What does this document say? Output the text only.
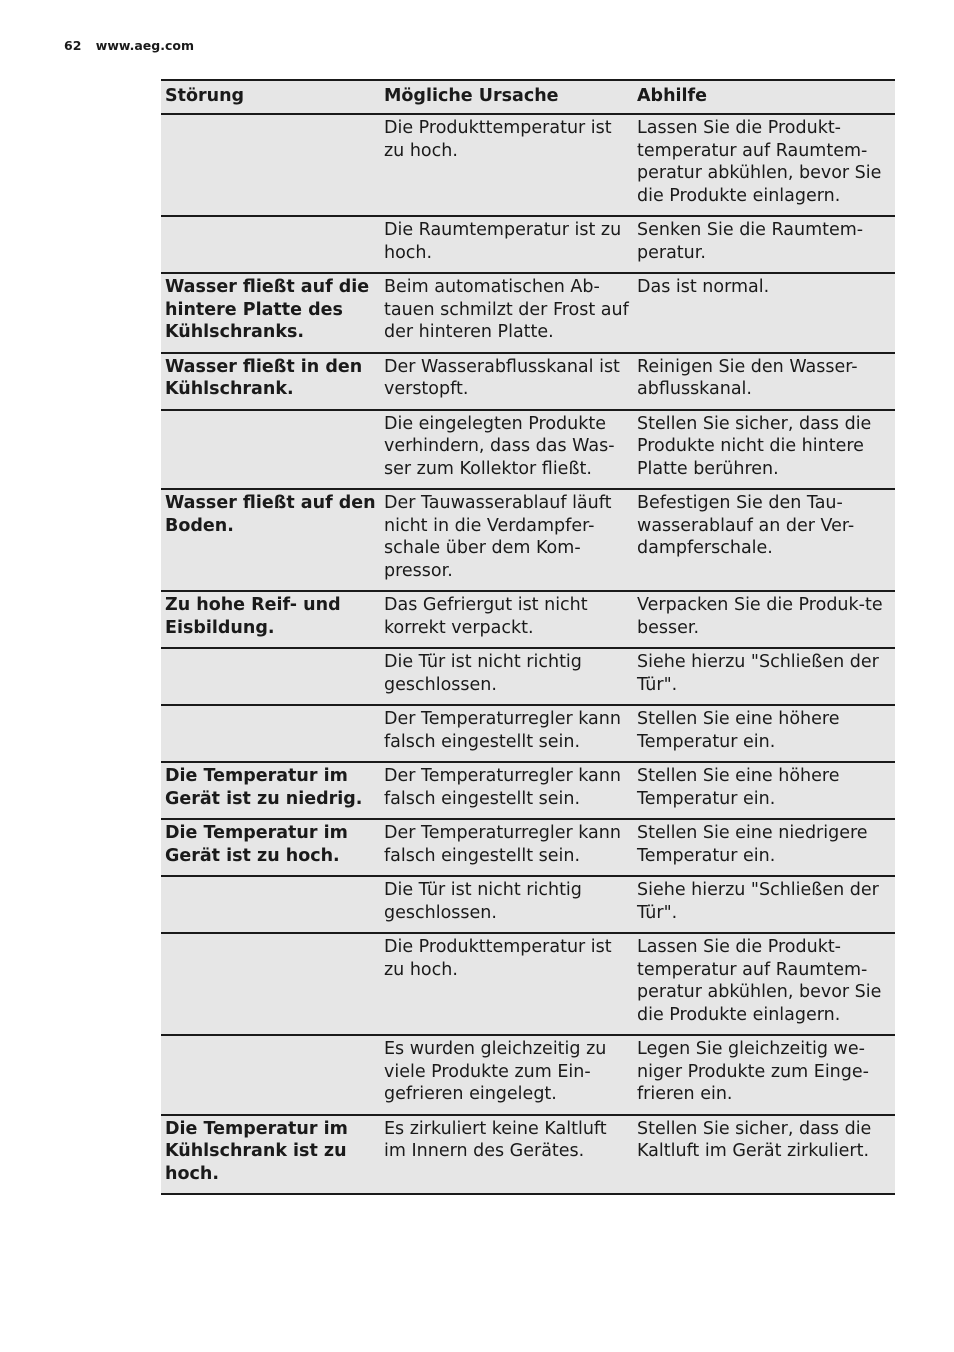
62 www.aeg.com
Störung	Mögliche Ursache	Abhilfe
	Die Produkttemperatur ist zu hoch.	Lassen Sie die Produkt-temperatur auf Raumtem-peratur abkühlen, bevor Sie die Produkte einlagern.
	Die Raumtemperatur ist zu hoch.	Senken Sie die Raumtem-peratur.
Wasser fließt auf die hintere Platte des Kühlschranks.	Beim automatischen Ab-tauen schmilzt der Frost auf der hinteren Platte.	Das ist normal.
Wasser fließt in den Kühlschrank.	Der Wasserabflusskanal ist verstopft.	Reinigen Sie den Wasser-abflusskanal.
	Die eingelegten Produkte verhindern, dass das Was-ser zum Kollektor fließt.	Stellen Sie sicher, dass die Produkte nicht die hintere Platte berühren.
Wasser fließt auf den Boden.	Der Tauwasserablauf läuft nicht in die Verdampfer-schale über dem Kom-pressor.	Befestigen Sie den Tau-wasserablauf an der Ver-dampferschale.
Zu hohe Reif- und Eisbildung.	Das Gefriergut ist nicht korrekt verpackt.	Verpacken Sie die Produk-te besser.
	Die Tür ist nicht richtig geschlossen.	Siehe hierzu "Schließen der Tür".
	Der Temperaturregler kann falsch eingestellt sein.	Stellen Sie eine höhere Temperatur ein.
Die Temperatur im Gerät ist zu niedrig.	Der Temperaturregler kann falsch eingestellt sein.	Stellen Sie eine höhere Temperatur ein.
Die Temperatur im Gerät ist zu hoch.	Der Temperaturregler kann falsch eingestellt sein.	Stellen Sie eine niedrigere Temperatur ein.
	Die Tür ist nicht richtig geschlossen.	Siehe hierzu "Schließen der Tür".
	Die Produkttemperatur ist zu hoch.	Lassen Sie die Produkt-temperatur auf Raumtem-peratur abkühlen, bevor Sie die Produkte einlagern.
	Es wurden gleichzeitig zu viele Produkte zum Ein-gefrieren eingelegt.	Legen Sie gleichzeitig we-niger Produkte zum Einge-frieren ein.
Die Temperatur im Kühlschrank ist zu hoch.	Es zirkuliert keine Kaltluft im Innern des Gerätes.	Stellen Sie sicher, dass die Kaltluft im Gerät zirkuliert.
